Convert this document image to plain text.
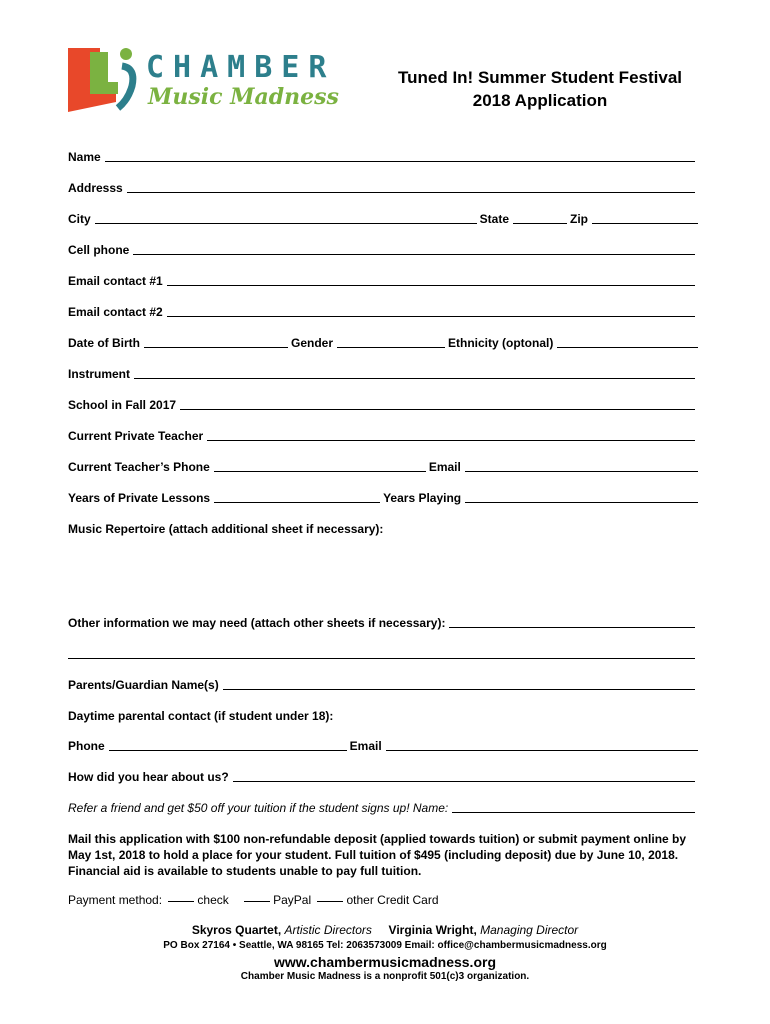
CHAMBER
Music Madness
Tuned In! Summer Student Festival
2018 Application
Name
Addresss
City	State	Zip
Cell phone
Email contact #1
Email contact #2
Date of Birth	Gender	Ethnicity (optonal)
Instrument
School in Fall 2017
Current Private Teacher
Current Teacher’s Phone	Email
Years of Private Lessons	Years Playing
Music Repertoire (attach additional sheet if necessary):
Other information we may need (attach other sheets if necessary):
Parents/Guardian Name(s)
Daytime parental contact (if student under 18):
Phone	Email
How did you hear about us?
Refer a friend and get $50 off your tuition if the student signs up! Name:
Mail this application with $100 non-refundable deposit (applied towards tuition) or submit payment online by May 1st, 2018 to hold a place for your student. Full tuition of $495 (including deposit) due by June 10, 2018. Financial aid is available to students unable to pay full tuition.
Payment method:	check	PayPal	other Credit Card
Skyros Quartet, Artistic Directors Virginia Wright, Managing Director
PO Box 27164 • Seattle, WA 98165 Tel: 2063573009 Email: office@chambermusicmadness.org
www.chambermusicmadness.org
Chamber Music Madness is a nonprofit 501(c)3 organization.
